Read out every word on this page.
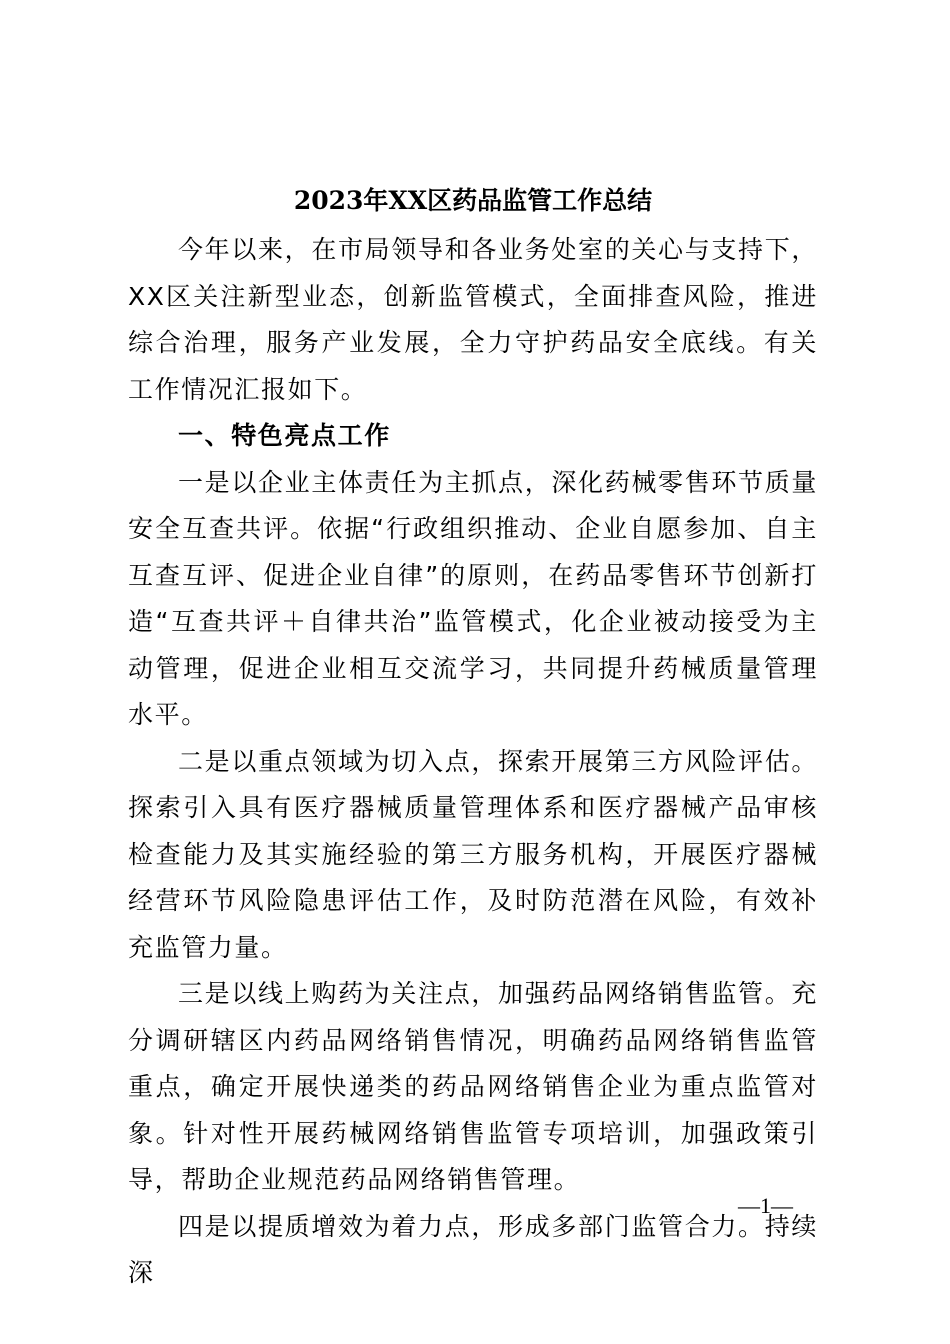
2023年XX区药品监管工作总结

今年以来，在市局领导和各业务处室的关心与支持下，XX区关注新型业态，创新监管模式，全面排查风险，推进综合治理，服务产业发展，全力守护药品安全底线。有关工作情况汇报如下。

一、特色亮点工作

一是以企业主体责任为主抓点，深化药械零售环节质量安全互查共评。依据“行政组织推动、企业自愿参加、自主互查互评、促进企业自律”的原则，在药品零售环节创新打造“互查共评＋自律共治”监管模式，化企业被动接受为主动管理，促进企业相互交流学习，共同提升药械质量管理水平。

二是以重点领域为切入点，探索开展第三方风险评估。探索引入具有医疗器械质量管理体系和医疗器械产品审核检查能力及其实施经验的第三方服务机构，开展医疗器械经营环节风险隐患评估工作，及时防范潜在风险，有效补充监管力量。

三是以线上购药为关注点，加强药品网络销售监管。充分调研辖区内药品网络销售情况，明确药品网络销售监管重点，确定开展快递类的药品网络销售企业为重点监管对象。针对性开展药械网络销售监管专项培训，加强政策引导，帮助企业规范药品网络销售管理。

四是以提质增效为着力点，形成多部门监管合力。持续深

—1—
